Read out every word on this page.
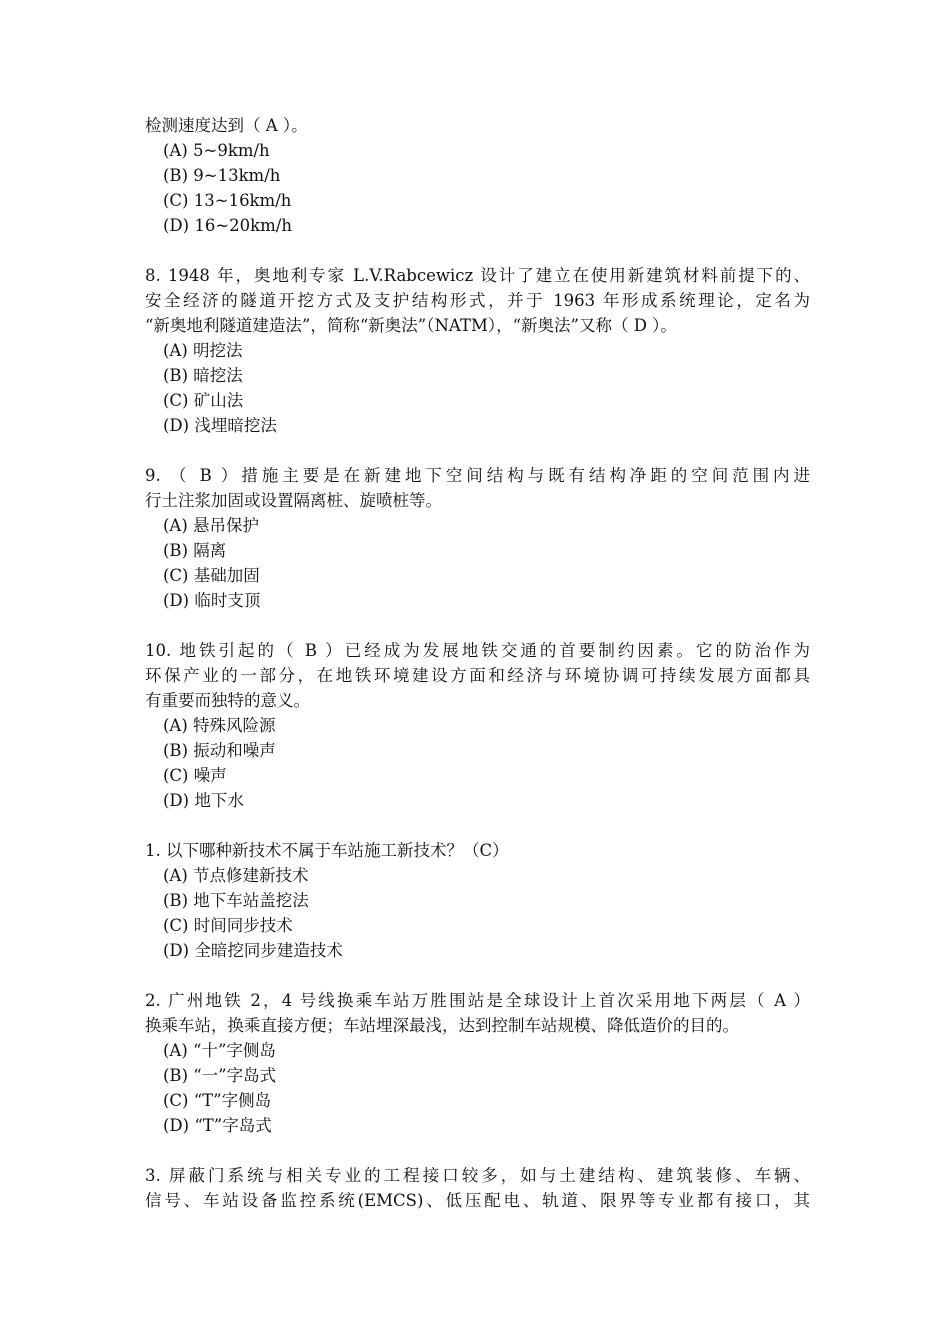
检测速度达到（ A ）。
(A) 5~9km/h
(B) 9~13km/h
(C) 13~16km/h
(D) 16~20km/h
8. 1948 年，奥地利专家 L.V.Rabcewicz 设计了建立在使用新建筑材料前提下的、
安全经济的隧道开挖方式及支护结构形式，并于 1963 年形成系统理论，定名为
“新奥地利隧道建造法”，简称“新奥法”（NATM），“新奥法”又称（ D ）。
(A) 明挖法
(B) 暗挖法
(C) 矿山法
(D) 浅埋暗挖法
9. （ B ）措施主要是在新建地下空间结构与既有结构净距的空间范围内进
行土注浆加固或设置隔离桩、旋喷桩等。
(A) 悬吊保护
(B) 隔离
(C) 基础加固
(D) 临时支顶
10. 地铁引起的（ B ）已经成为发展地铁交通的首要制约因素。它的防治作为
环保产业的一部分，在地铁环境建设方面和经济与环境协调可持续发展方面都具
有重要而独特的意义。
(A) 特殊风险源
(B) 振动和噪声
(C) 噪声
(D) 地下水
1. 以下哪种新技术不属于车站施工新技术？（C）
(A) 节点修建新技术
(B) 地下车站盖挖法
(C) 时间同步技术
(D) 全暗挖同步建造技术
2. 广州地铁 2，4 号线换乘车站万胜围站是全球设计上首次采用地下两层（ A ）
换乘车站，换乘直接方便；车站埋深最浅，达到控制车站规模、降低造价的目的。
(A) “十”字侧岛
(B) “一”字岛式
(C) “T”字侧岛
(D) “T”字岛式
3. 屏蔽门系统与相关专业的工程接口较多，如与土建结构、建筑装修、车辆、
信号、车站设备监控系统(EMCS)、低压配电、轨道、限界等专业都有接口，其
